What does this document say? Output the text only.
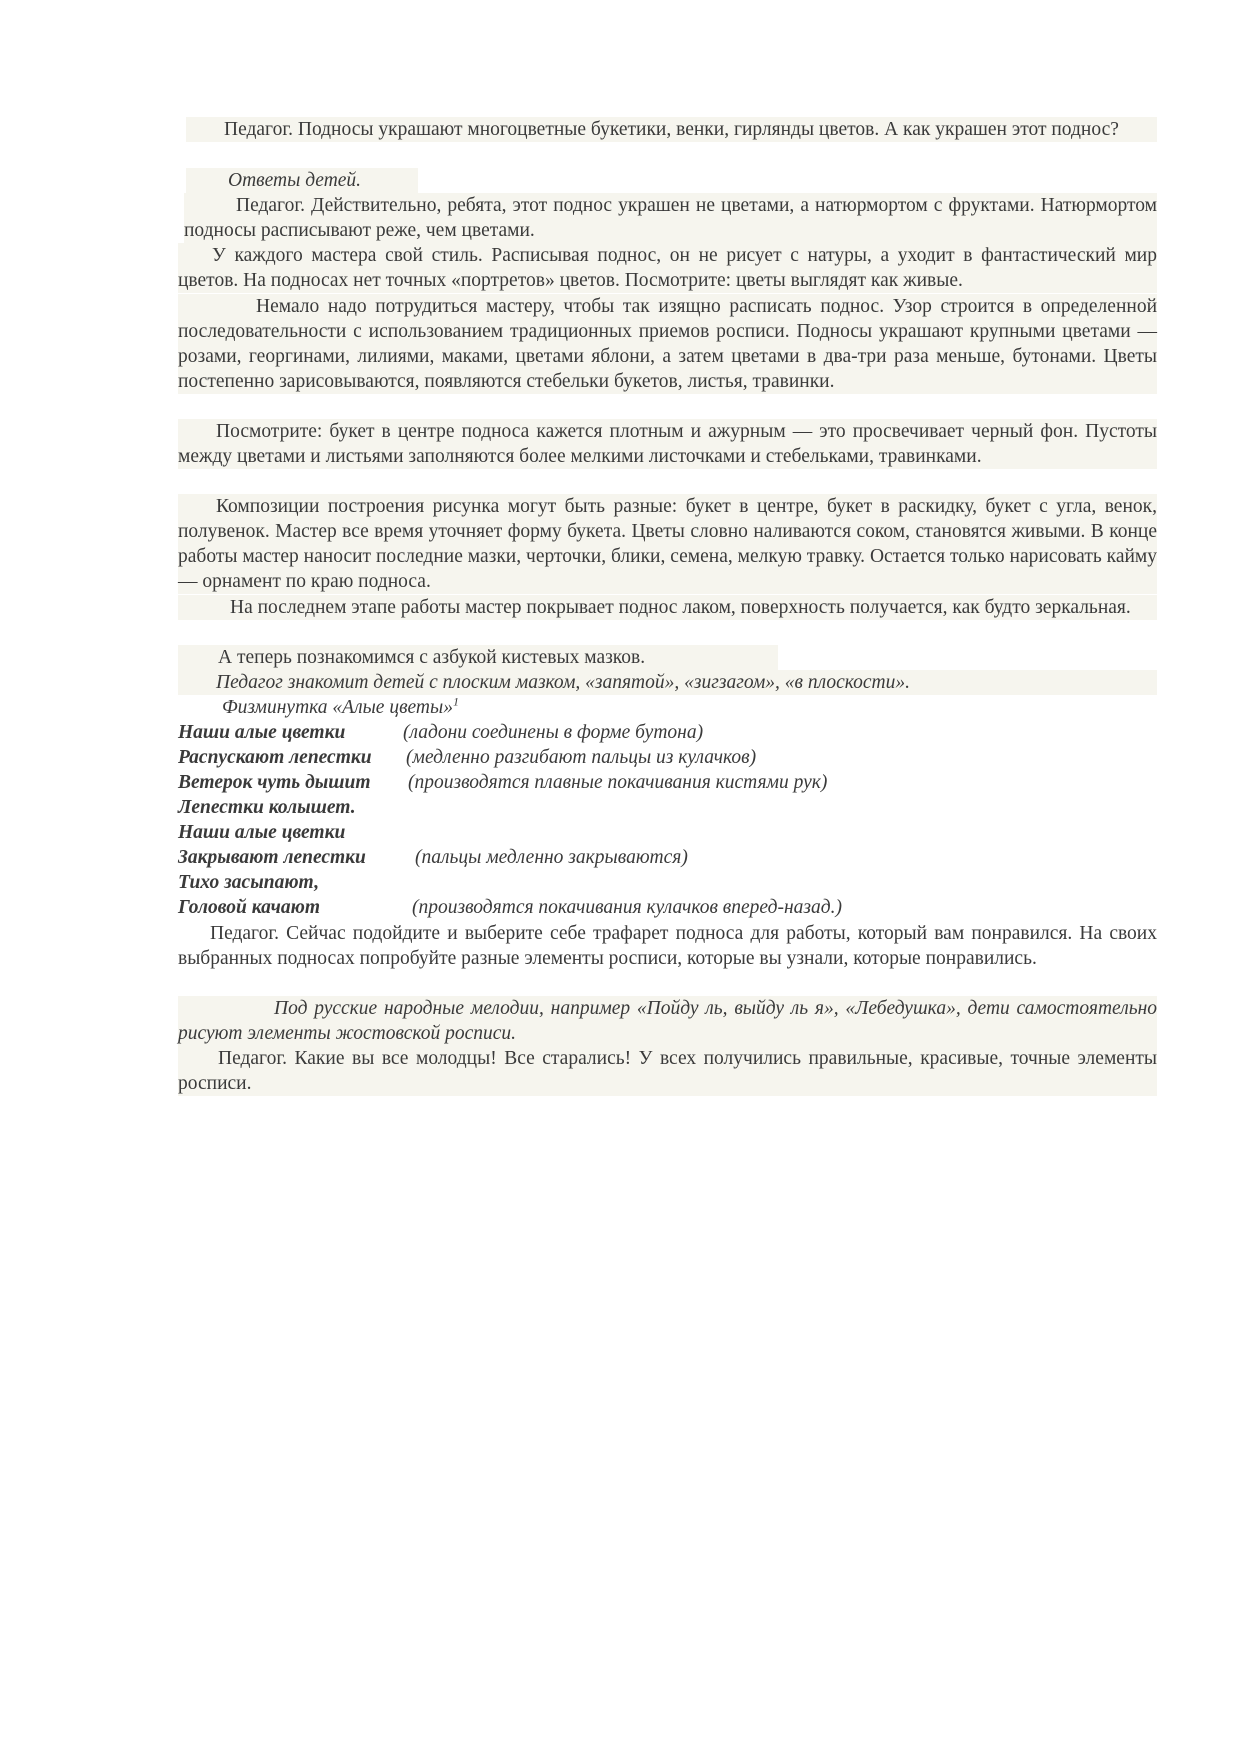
Педагог. Подносы украшают многоцветные букетики, венки, гирлянды цветов. А как украшен этот поднос?
Ответы детей.
Педагог. Действительно, ребята, этот поднос украшен не цветами, а натюрмортом с фруктами. Натюрмортом подносы расписывают реже, чем цветами.
У каждого мастера свой стиль. Расписывая поднос, он не рисует с натуры, а уходит в фантастический мир цветов. На подносах нет точных «портретов» цветов. Посмотрите: цветы выглядят как живые.
Немало надо потрудиться мастеру, чтобы так изящно расписать поднос. Узор строится в определенной последовательности с использованием традиционных приемов росписи. Подносы украшают крупными цветами — розами, георгинами, лилиями, маками, цветами яблони, а затем цветами в два-три раза меньше, бутонами. Цветы постепенно зарисовываются, появляются стебельки букетов, листья, травинки.
Посмотрите: букет в центре подноса кажется плотным и ажурным — это просвечивает черный фон. Пустоты между цветами и листьями заполняются более мелкими листочками и стебельками, травинками.
Композиции построения рисунка могут быть разные: букет в центре, букет в раскидку, букет с угла, венок, полувенок. Мастер все время уточняет форму букета. Цветы словно наливаются соком, становятся живыми. В конце работы мастер наносит последние мазки, черточки, блики, семена, мелкую травку. Остается только нарисовать кайму — орнамент по краю подноса.
На последнем этапе работы мастер покрывает поднос лаком, поверхность получается, как будто зеркальная.
А теперь познакомимся с азбукой кистевых мазков.
Педагог знакомит детей с плоским мазком, «запятой», «зигзагом», «в плоскости».
Физминутка «Алые цветы»$^1$
Наши алые цветки	(ладони соединены в форме бутона)
Распускают лепестки (медленно разгибают пальцы из кулачков)
Ветерок чуть дышит (производятся плавные покачивания кистями рук)
Лепестки колышет.
Наши алые цветки
Закрывают лепестки	(пальцы медленно закрываются)
Тихо засыпают,
Головой качают	(производятся покачивания кулачков вперед-назад.)
Педагог. Сейчас подойдите и выберите себе трафарет подноса для работы, который вам понравился. На своих выбранных подносах попробуйте разные элементы росписи, которые вы узнали, которые понравились.
Под русские народные мелодии, например «Пойду ль, выйду ль я», «Лебедушка», дети самостоятельно рисуют элементы жостовской росписи.
Педагог. Какие вы все молодцы! Все старались! У всех получились правильные, красивые, точные элементы росписи.
